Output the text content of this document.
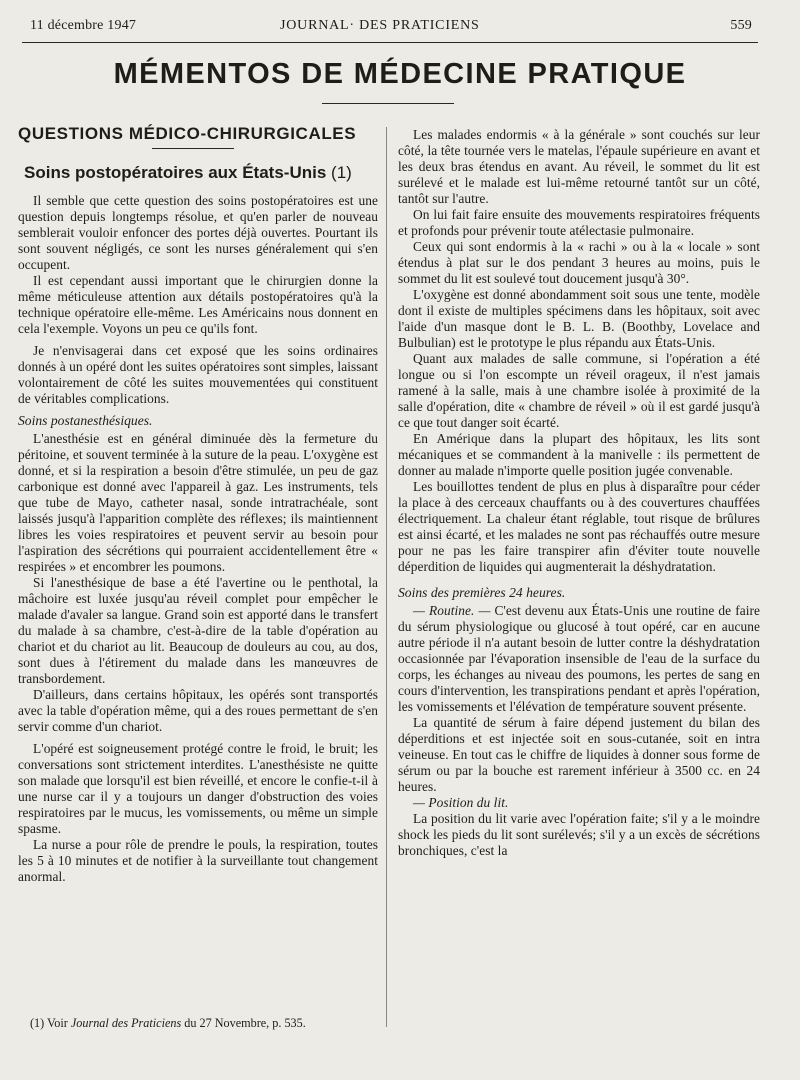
11 décembre 1947	JOURNAL· DES PRATICIENS	559
MÉMENTOS DE MÉDECINE PRATIQUE
QUESTIONS MÉDICO-CHIRURGICALES
Soins postopératoires aux États-Unis (1)

Il semble que cette question des soins postopératoires est une question depuis longtemps résolue, et qu'en parler de nouveau semblerait vouloir enfoncer des portes déjà ouvertes. Pourtant ils sont souvent négligés, ce sont les nurses généralement qui s'en occupent.

Il est cependant aussi important que le chirurgien donne la même méticuleuse attention aux détails postopératoires qu'à la technique opératoire elle-même. Les Américains nous donnent en cela l'exemple. Voyons un peu ce qu'ils font.

Je n'envisagerai dans cet exposé que les soins ordinaires donnés à un opéré dont les suites opératoires sont simples, laissant volontairement de côté les suites mouvementées qui constituent de véritables complications.

Soins postanesthésiques.

L'anesthésie est en général diminuée dès la fermeture du péritoine, et souvent terminée à la suture de la peau. L'oxygène est donné, et si la respiration a besoin d'être stimulée, un peu de gaz carbonique est donné avec l'appareil à gaz. Les instruments, tels que tube de Mayo, catheter nasal, sonde intratrachéale, sont laissés jusqu'à l'apparition complète des réflexes; ils maintiennent libres les voies respiratoires et peuvent servir au besoin pour l'aspiration des sécrétions qui pourraient accidentellement être « respirées » et encombrer les poumons.

Si l'anesthésique de base a été l'avertine ou le penthotal, la mâchoire est luxée jusqu'au réveil complet pour empêcher le malade d'avaler sa langue. Grand soin est apporté dans le transfert du malade à sa chambre, c'est-à-dire de la table d'opération au chariot et du chariot au lit. Beaucoup de douleurs au cou, au dos, sont dues à l'étirement du malade dans les manœuvres de transbordement.

D'ailleurs, dans certains hôpitaux, les opérés sont transportés avec la table d'opération même, qui a des roues permettant de s'en servir comme d'un chariot.

L'opéré est soigneusement protégé contre le froid, le bruit; les conversations sont strictement interdites. L'anesthésiste ne quitte son malade que lorsqu'il est bien réveillé, et encore le confie-t-il à une nurse car il y a toujours un danger d'obstruction des voies respiratoires par le mucus, les vomissements, ou même un simple spasme.

La nurse a pour rôle de prendre le pouls, la respiration, toutes les 5 à 10 minutes et de notifier à la surveillante tout changement anormal.

(1) Voir Journal des Praticiens du 27 Novembre, p. 535.

Les malades endormis « à la générale » sont couchés sur leur côté, la tête tournée vers le matelas, l'épaule supérieure en avant et les deux bras étendus en avant. Au réveil, le sommet du lit est surélevé et le malade est lui-même retourné tantôt sur un côté, tantôt sur l'autre.

On lui fait faire ensuite des mouvements respiratoires fréquents et profonds pour prévenir toute atélectasie pulmonaire.

Ceux qui sont endormis à la « rachi » ou à la « locale » sont étendus à plat sur le dos pendant 3 heures au moins, puis le sommet du lit est soulevé tout doucement jusqu'à 30°.

L'oxygène est donné abondamment soit sous une tente, modèle dont il existe de multiples spécimens dans les hôpitaux, soit avec l'aide d'un masque dont le B. L. B. (Boothby, Lovelace and Bulbulian) est le prototype le plus répandu aux États-Unis.

Quant aux malades de salle commune, si l'opération a été longue ou si l'on escompte un réveil orageux, il n'est jamais ramené à la salle, mais à une chambre isolée à proximité de la salle d'opération, dite « chambre de réveil » où il est gardé jusqu'à ce que tout danger soit écarté.

En Amérique dans la plupart des hôpitaux, les lits sont mécaniques et se commandent à la manivelle : ils permettent de donner au malade n'importe quelle position jugée convenable.

Les bouillottes tendent de plus en plus à disparaître pour céder la place à des cerceaux chauffants ou à des couvertures chauffées électriquement. La chaleur étant réglable, tout risque de brûlures est ainsi écarté, et les malades ne sont pas réchauffés outre mesure pour ne pas les faire transpirer afin d'éviter toute nouvelle déperdition de liquides qui augmenterait la déshydratation.

Soins des premières 24 heures.

— Routine. — C'est devenu aux États-Unis une routine de faire du sérum physiologique ou glucosé à tout opéré, car en aucune autre période il n'a autant besoin de lutter contre la déshydratation occasionnée par l'évaporation insensible de l'eau de la surface du corps, les échanges au niveau des poumons, les pertes de sang en cours d'intervention, les transpirations pendant et après l'opération, les vomissements et l'élévation de température souvent présente.

La quantité de sérum à faire dépend justement du bilan des déperditions et est injectée soit en sous-cutanée, soit en intra veineuse. En tout cas le chiffre de liquides à donner sous forme de sérum ou par la bouche est rarement inférieur à 3500 cc. en 24 heures.

— Position du lit.

La position du lit varie avec l'opération faite; s'il y a le moindre shock les pieds du lit sont surélevés; s'il y a un excès de sécrétions bronchiques, c'est la
